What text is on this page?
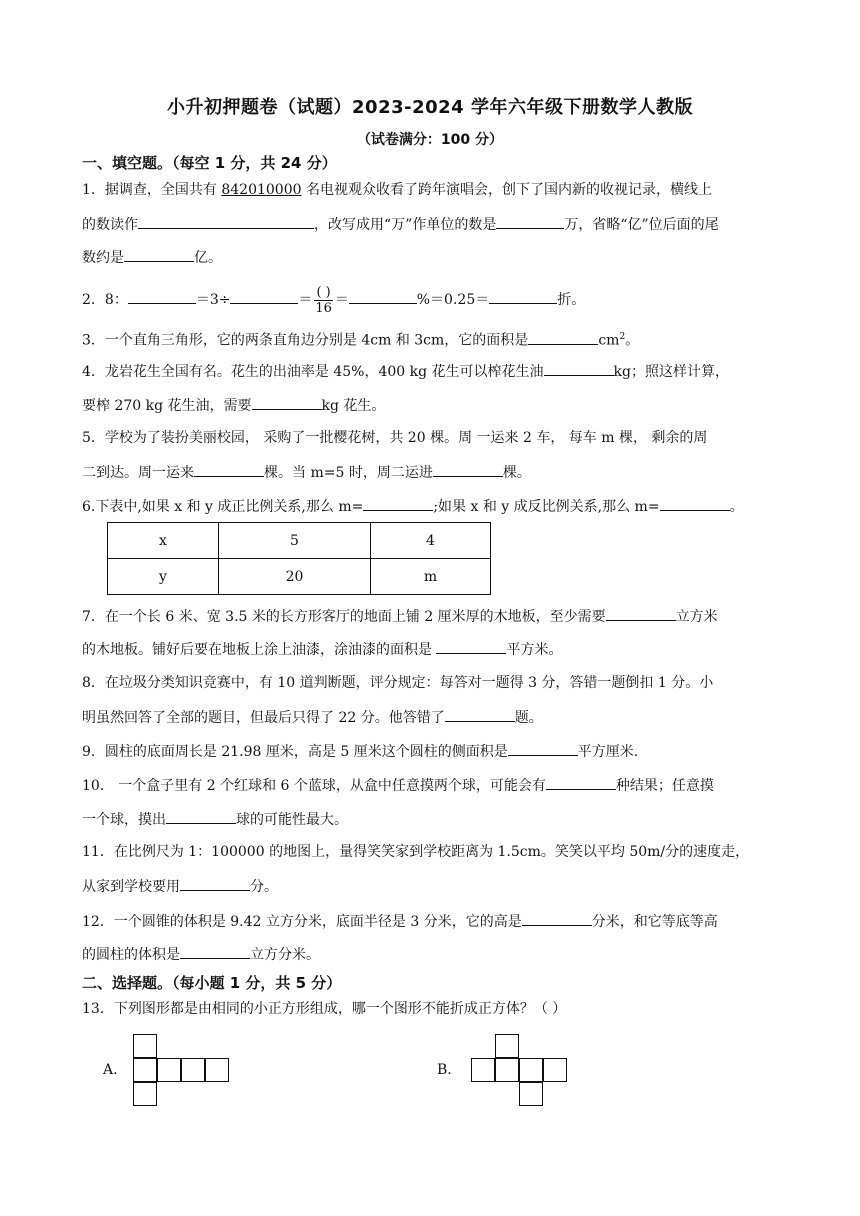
小升初押题卷（试题）2023-2024 学年六年级下册数学人教版
（试卷满分：100 分）
一、填空题。（每空 1 分，共 24 分）
1．据调查，全国共有 842010000 名电视观众收看了跨年演唱会，创下了国内新的收视记录，横线上
的数读作	，改写成用“万”作单位的数是	万，省略“亿”位后面的尾
数约是	亿。
2．8：	＝3÷	＝ $\frac{( )}{16}$ ＝	%＝0.25＝	折。
3．一个直角三角形，它的两条直角边分别是 4cm 和 3cm，它的面积是	$cm^2$。
4．龙岩花生全国有名。花生的出油率是 45%，400 kg 花生可以榨花生油	kg；照这样计算，
要榨 270 kg 花生油，需要	kg 花生。
5．学校为了装扮美丽校园， 采购了一批樱花树，共 20 棵。周 一运来 2 车， 每车 m 棵， 剩余的周
二到达。周一运来	棵。当 m=5 时，周二运进	棵。
6.下表中,如果 x 和 y 成正比例关系,那么 m=	;如果 x 和 y 成反比例关系,那么 m=	。
x	5	4
y	20	m
7．在一个长 6 米、宽 3.5 米的长方形客厅的地面上铺 2 厘米厚的木地板，至少需要	立方米
的木地板。铺好后要在地板上涂上油漆，涂油漆的面积是	平方米。
8．在垃圾分类知识竞赛中，有 10 道判断题，评分规定：每答对一题得 3 分，答错一题倒扣 1 分。小
明虽然回答了全部的题目，但最后只得了 22 分。他答错了	题。
9．圆柱的底面周长是 21.98 厘米，高是 5 厘米这个圆柱的侧面积是	平方厘米.
10． 一个盒子里有 2 个红球和 6 个蓝球，从盒中任意摸两个球，可能会有	种结果；任意摸
一个球，摸出	球的可能性最大。
11．在比例尺为 1：100000 的地图上，量得笑笑家到学校距离为 1.5cm。笑笑以平均 50m/分的速度走，
从家到学校要用	分。
12．一个圆锥的体积是 9.42 立方分米，底面半径是 3 分米，它的高是	分米，和它等底等高
的圆柱的体积是	立方分米。
二、选择题。（每小题 1 分，共 5 分）
13．下列图形都是由相同的小正方形组成，哪一个图形不能折成正方体？（ ）
A.	B.
